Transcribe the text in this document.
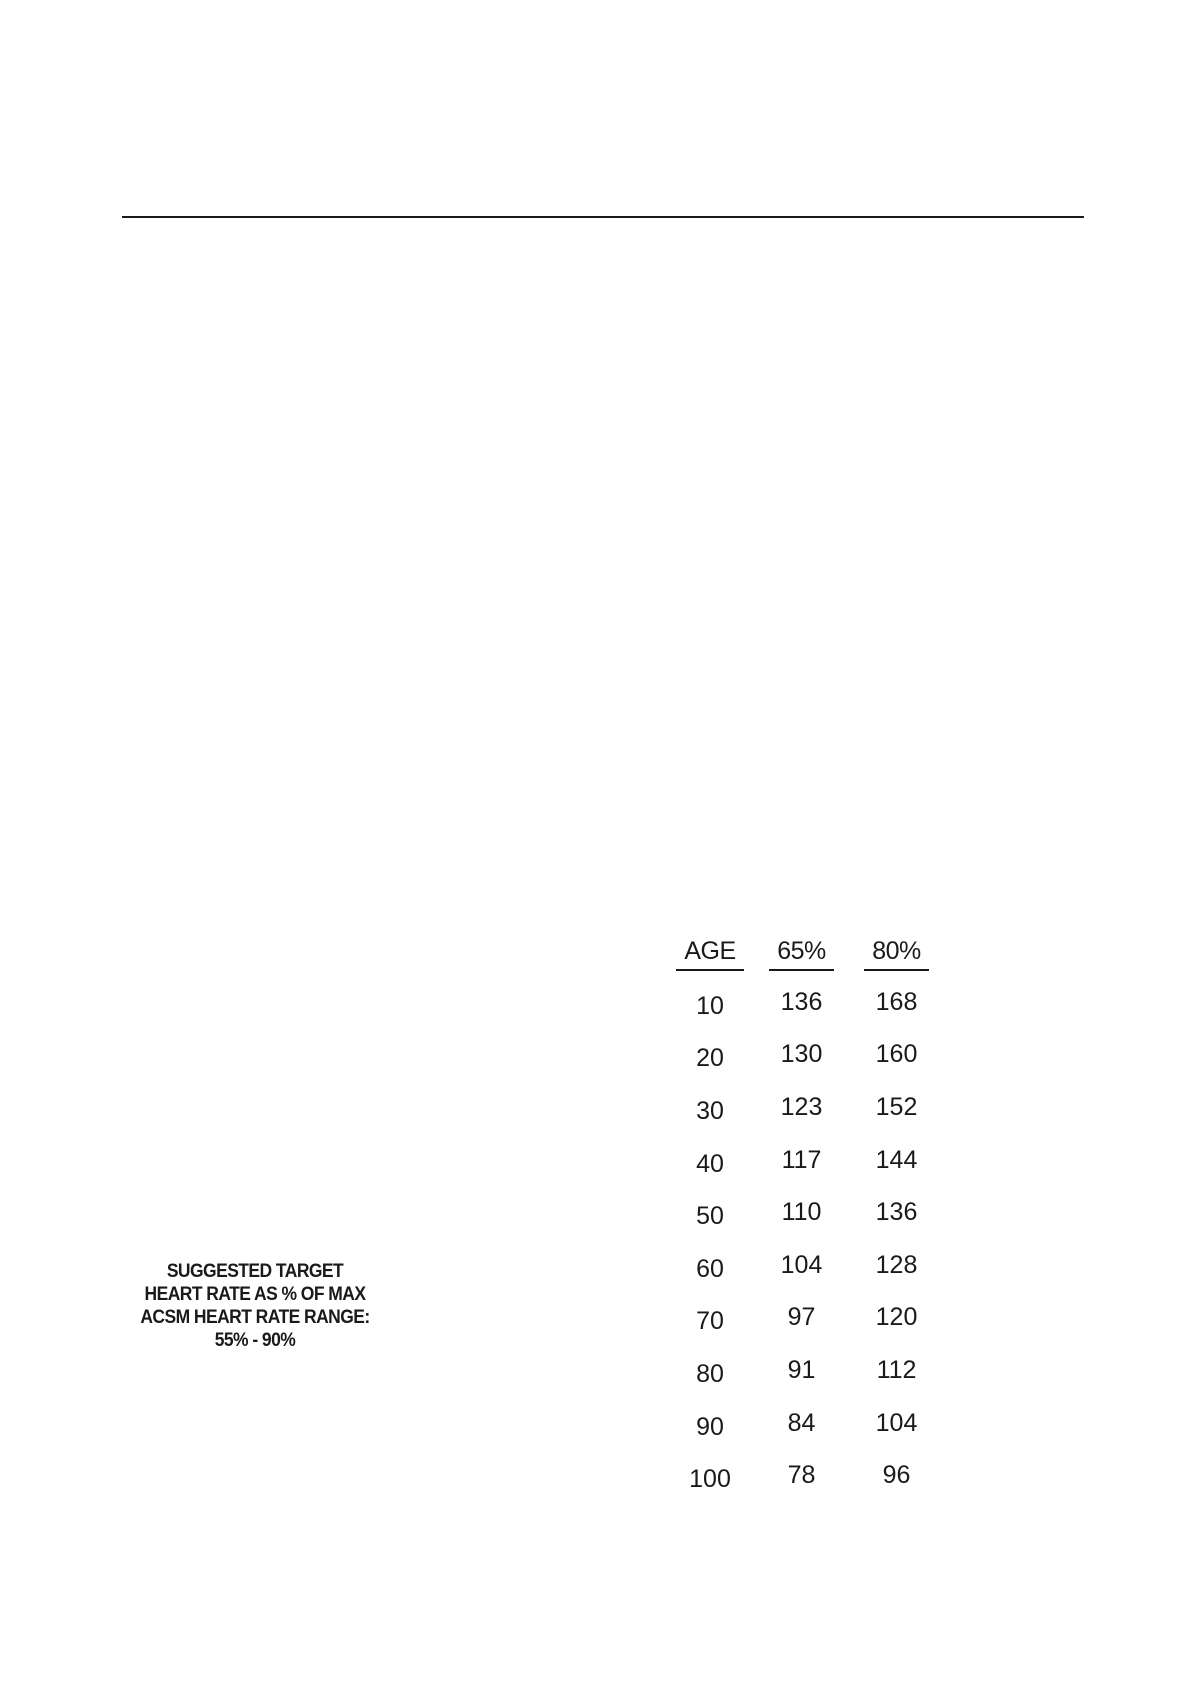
SUGGESTED TARGET
HEART RATE AS % OF MAX
ACSM HEART RATE RANGE:
55% - 90%
AGE	65%	80%
10	136	168
20	130	160
30	123	152
40	117	144
50	110	136
60	104	128
70	97	120
80	91	112
90	84	104
100	78	96
